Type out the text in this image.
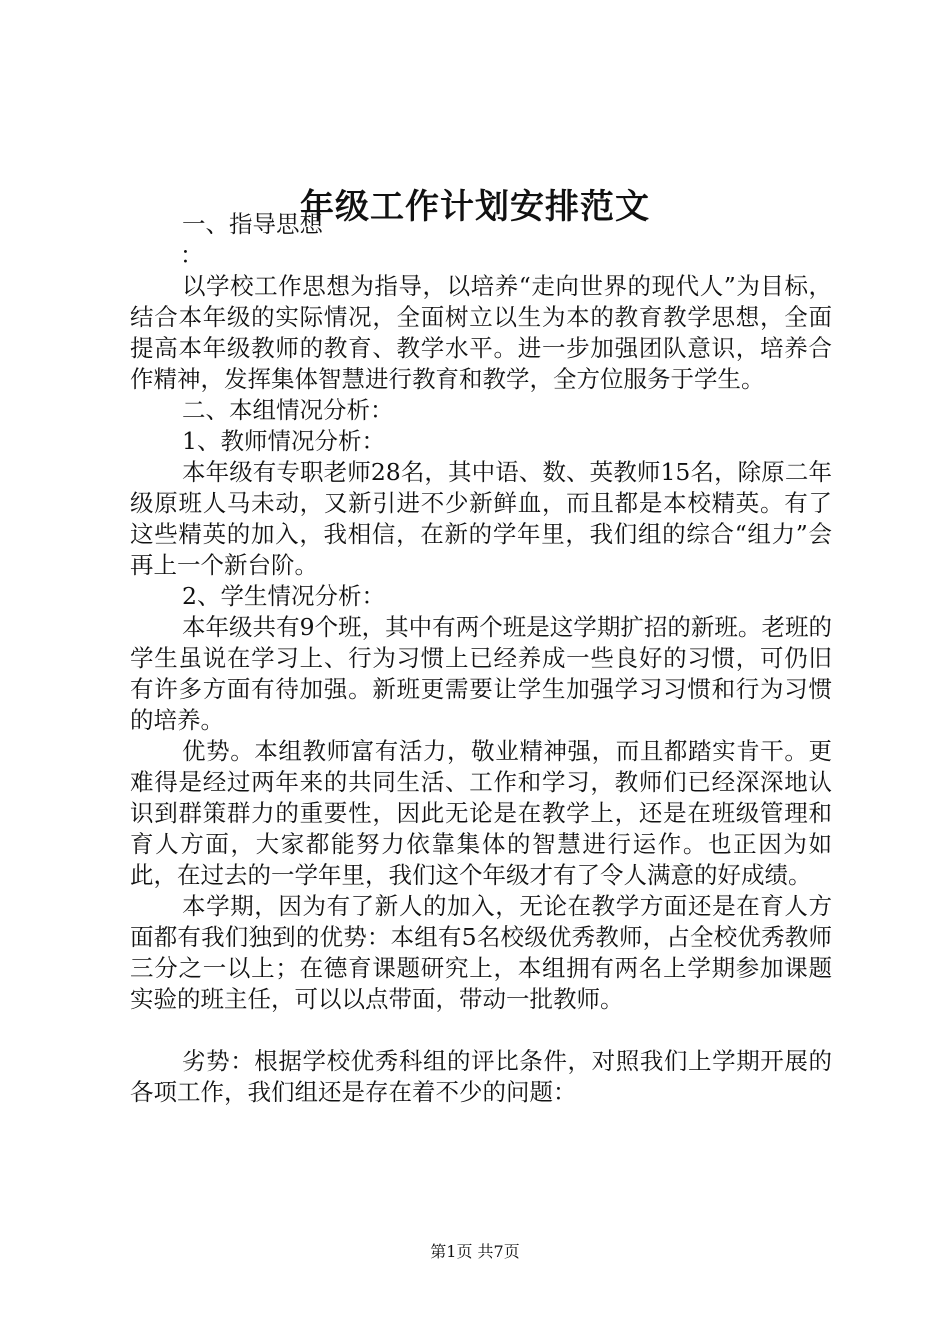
年级工作计划安排范文

一、指导思想

：

以学校工作思想为指导，以培养“走向世界的现代人”为目标，结合本年级的实际情况，全面树立以生为本的教育教学思想，全面提高本年级教师的教育、教学水平。进一步加强团队意识，培养合作精神，发挥集体智慧进行教育和教学，全方位服务于学生。

二、本组情况分析：

1、教师情况分析：

本年级有专职老师28名，其中语、数、英教师15名，除原二年级原班人马未动，又新引进不少新鲜血，而且都是本校精英。有了这些精英的加入，我相信，在新的学年里，我们组的综合“组力”会再上一个新台阶。

2、学生情况分析：

本年级共有9个班，其中有两个班是这学期扩招的新班。老班的学生虽说在学习上、行为习惯上已经养成一些良好的习惯，可仍旧有许多方面有待加强。新班更需要让学生加强学习习惯和行为习惯的培养。

优势。本组教师富有活力，敬业精神强，而且都踏实肯干。更难得是经过两年来的共同生活、工作和学习，教师们已经深深地认识到群策群力的重要性，因此无论是在教学上，还是在班级管理和育人方面，大家都能努力依靠集体的智慧进行运作。也正因为如此，在过去的一学年里，我们这个年级才有了令人满意的好成绩。

本学期，因为有了新人的加入，无论在教学方面还是在育人方面都有我们独到的优势：本组有5名校级优秀教师，占全校优秀教师三分之一以上；在德育课题研究上，本组拥有两名上学期参加课题实验的班主任，可以以点带面，带动一批教师。

劣势：根据学校优秀科组的评比条件，对照我们上学期开展的各项工作，我们组还是存在着不少的问题：

第1页 共7页
